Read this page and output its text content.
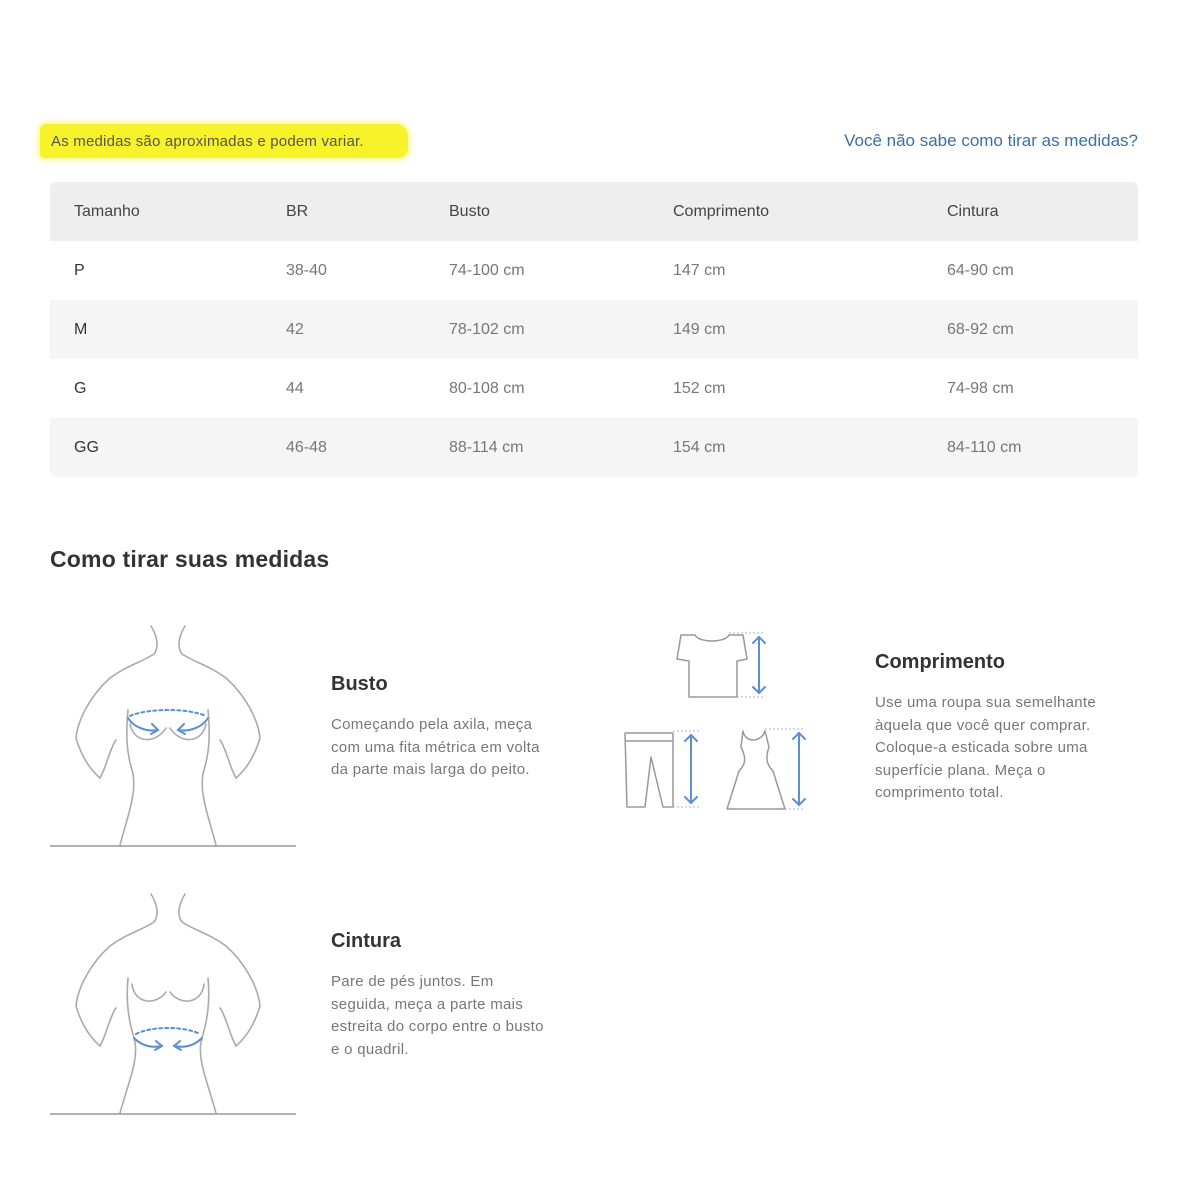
As medidas são aproximadas e podem variar.	Você não sabe como tirar as medidas?
Tamanho	BR	Busto	Comprimento	Cintura
P	38-40	74-100 cm	147 cm	64-90 cm
M	42	78-102 cm	149 cm	68-92 cm
G	44	80-108 cm	152 cm	74-98 cm
GG	46-48	88-114 cm	154 cm	84-110 cm
Como tirar suas medidas
Busto
Começando pela axila, meça
com uma fita métrica em volta
da parte mais larga do peito.
Cintura
Pare de pés juntos. Em
seguida, meça a parte mais
estreita do corpo entre o busto
e o quadril.
Comprimento
Use uma roupa sua semelhante
àquela que você quer comprar.
Coloque-a esticada sobre uma
superfície plana. Meça o
comprimento total.
